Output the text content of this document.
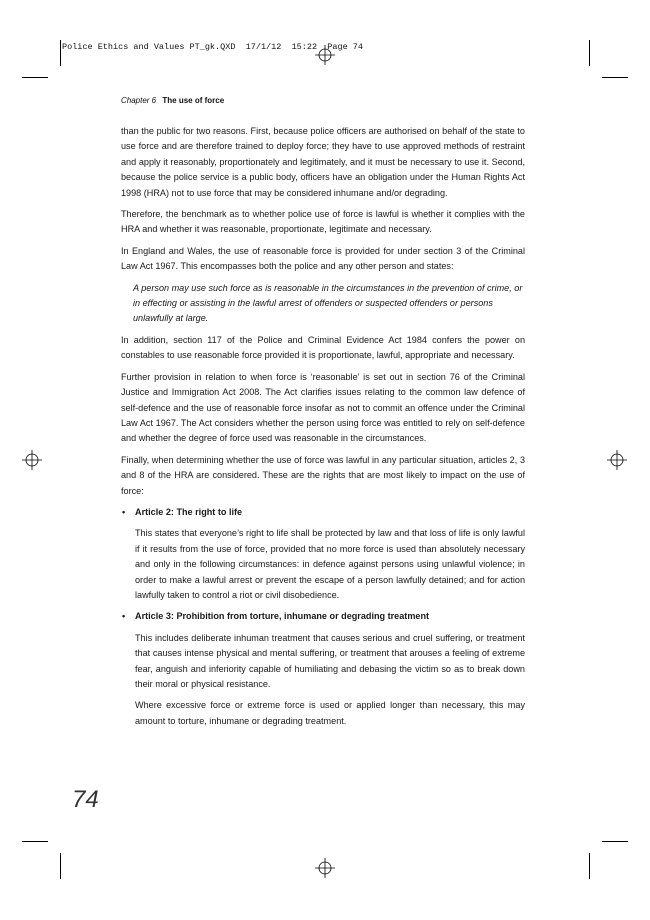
Police Ethics and Values PT_gk.QXD 17/1/12 15:22 Page 74
Chapter 6 The use of force

than the public for two reasons. First, because police officers are authorised on behalf of the state to use force and are therefore trained to deploy force; they have to use approved methods of restraint and apply it reasonably, proportionately and legitimately, and it must be necessary to use it. Second, because the police service is a public body, officers have an obligation under the Human Rights Act 1998 (HRA) not to use force that may be considered inhumane and/or degrading.

Therefore, the benchmark as to whether police use of force is lawful is whether it complies with the HRA and whether it was reasonable, proportionate, legitimate and necessary.

In England and Wales, the use of reasonable force is provided for under section 3 of the Criminal Law Act 1967. This encompasses both the police and any other person and states:

A person may use such force as is reasonable in the circumstances in the prevention of crime, or in effecting or assisting in the lawful arrest of offenders or suspected offenders or persons unlawfully at large.

In addition, section 117 of the Police and Criminal Evidence Act 1984 confers the power on constables to use reasonable force provided it is proportionate, lawful, appropriate and necessary.

Further provision in relation to when force is ‘reasonable’ is set out in section 76 of the Criminal Justice and Immigration Act 2008. The Act clarifies issues relating to the common law defence of self-defence and the use of reasonable force insofar as not to commit an offence under the Criminal Law Act 1967. The Act considers whether the person using force was entitled to rely on self-defence and whether the degree of force used was reasonable in the circumstances.

Finally, when determining whether the use of force was lawful in any particular situation, articles 2, 3 and 8 of the HRA are considered. These are the rights that are most likely to impact on the use of force:

• Article 2: The right to life

This states that everyone’s right to life shall be protected by law and that loss of life is only lawful if it results from the use of force, provided that no more force is used than absolutely necessary and only in the following circumstances: in defence against persons using unlawful violence; in order to make a lawful arrest or prevent the escape of a person lawfully detained; and for action lawfully taken to control a riot or civil disobedience.

• Article 3: Prohibition from torture, inhumane or degrading treatment

This includes deliberate inhuman treatment that causes serious and cruel suffering, or treatment that causes intense physical and mental suffering, or treatment that arouses a feeling of extreme fear, anguish and inferiority capable of humiliating and debasing the victim so as to break down their moral or physical resistance.

Where excessive force or extreme force is used or applied longer than necessary, this may amount to torture, inhumane or degrading treatment.

74
